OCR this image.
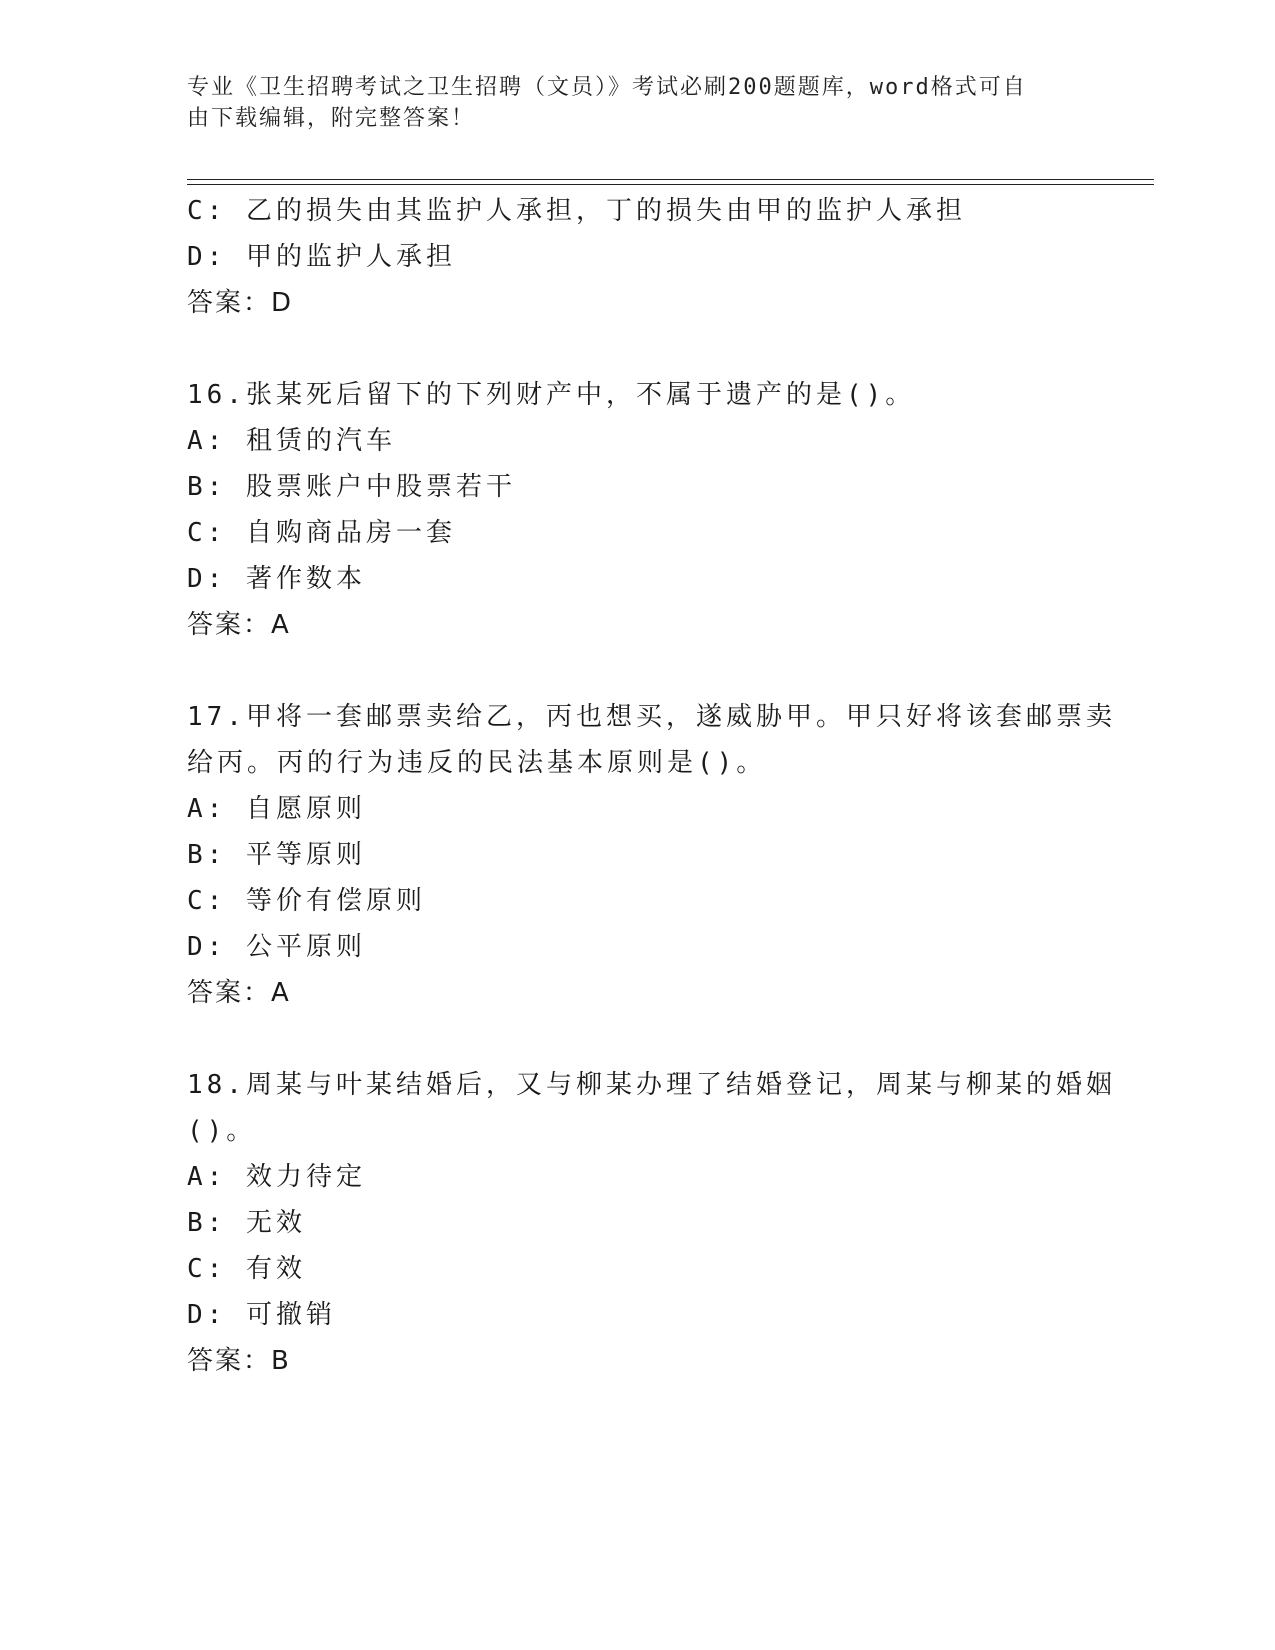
专业《卫生招聘考试之卫生招聘（文员）》考试必刷200题题库，word格式可自
由下载编辑，附完整答案！
C: 乙的损失由其监护人承担，丁的损失由甲的监护人承担
D: 甲的监护人承担
答案：D
16.张某死后留下的下列财产中，不属于遗产的是()。
A: 租赁的汽车
B: 股票账户中股票若干
C: 自购商品房一套
D: 著作数本
答案：A
17.甲将一套邮票卖给乙，丙也想买，遂威胁甲。甲只好将该套邮票卖
给丙。丙的行为违反的民法基本原则是()。
A: 自愿原则
B: 平等原则
C: 等价有偿原则
D: 公平原则
答案：A
18.周某与叶某结婚后，又与柳某办理了结婚登记，周某与柳某的婚姻
()。
A: 效力待定
B: 无效
C: 有效
D: 可撤销
答案：B
